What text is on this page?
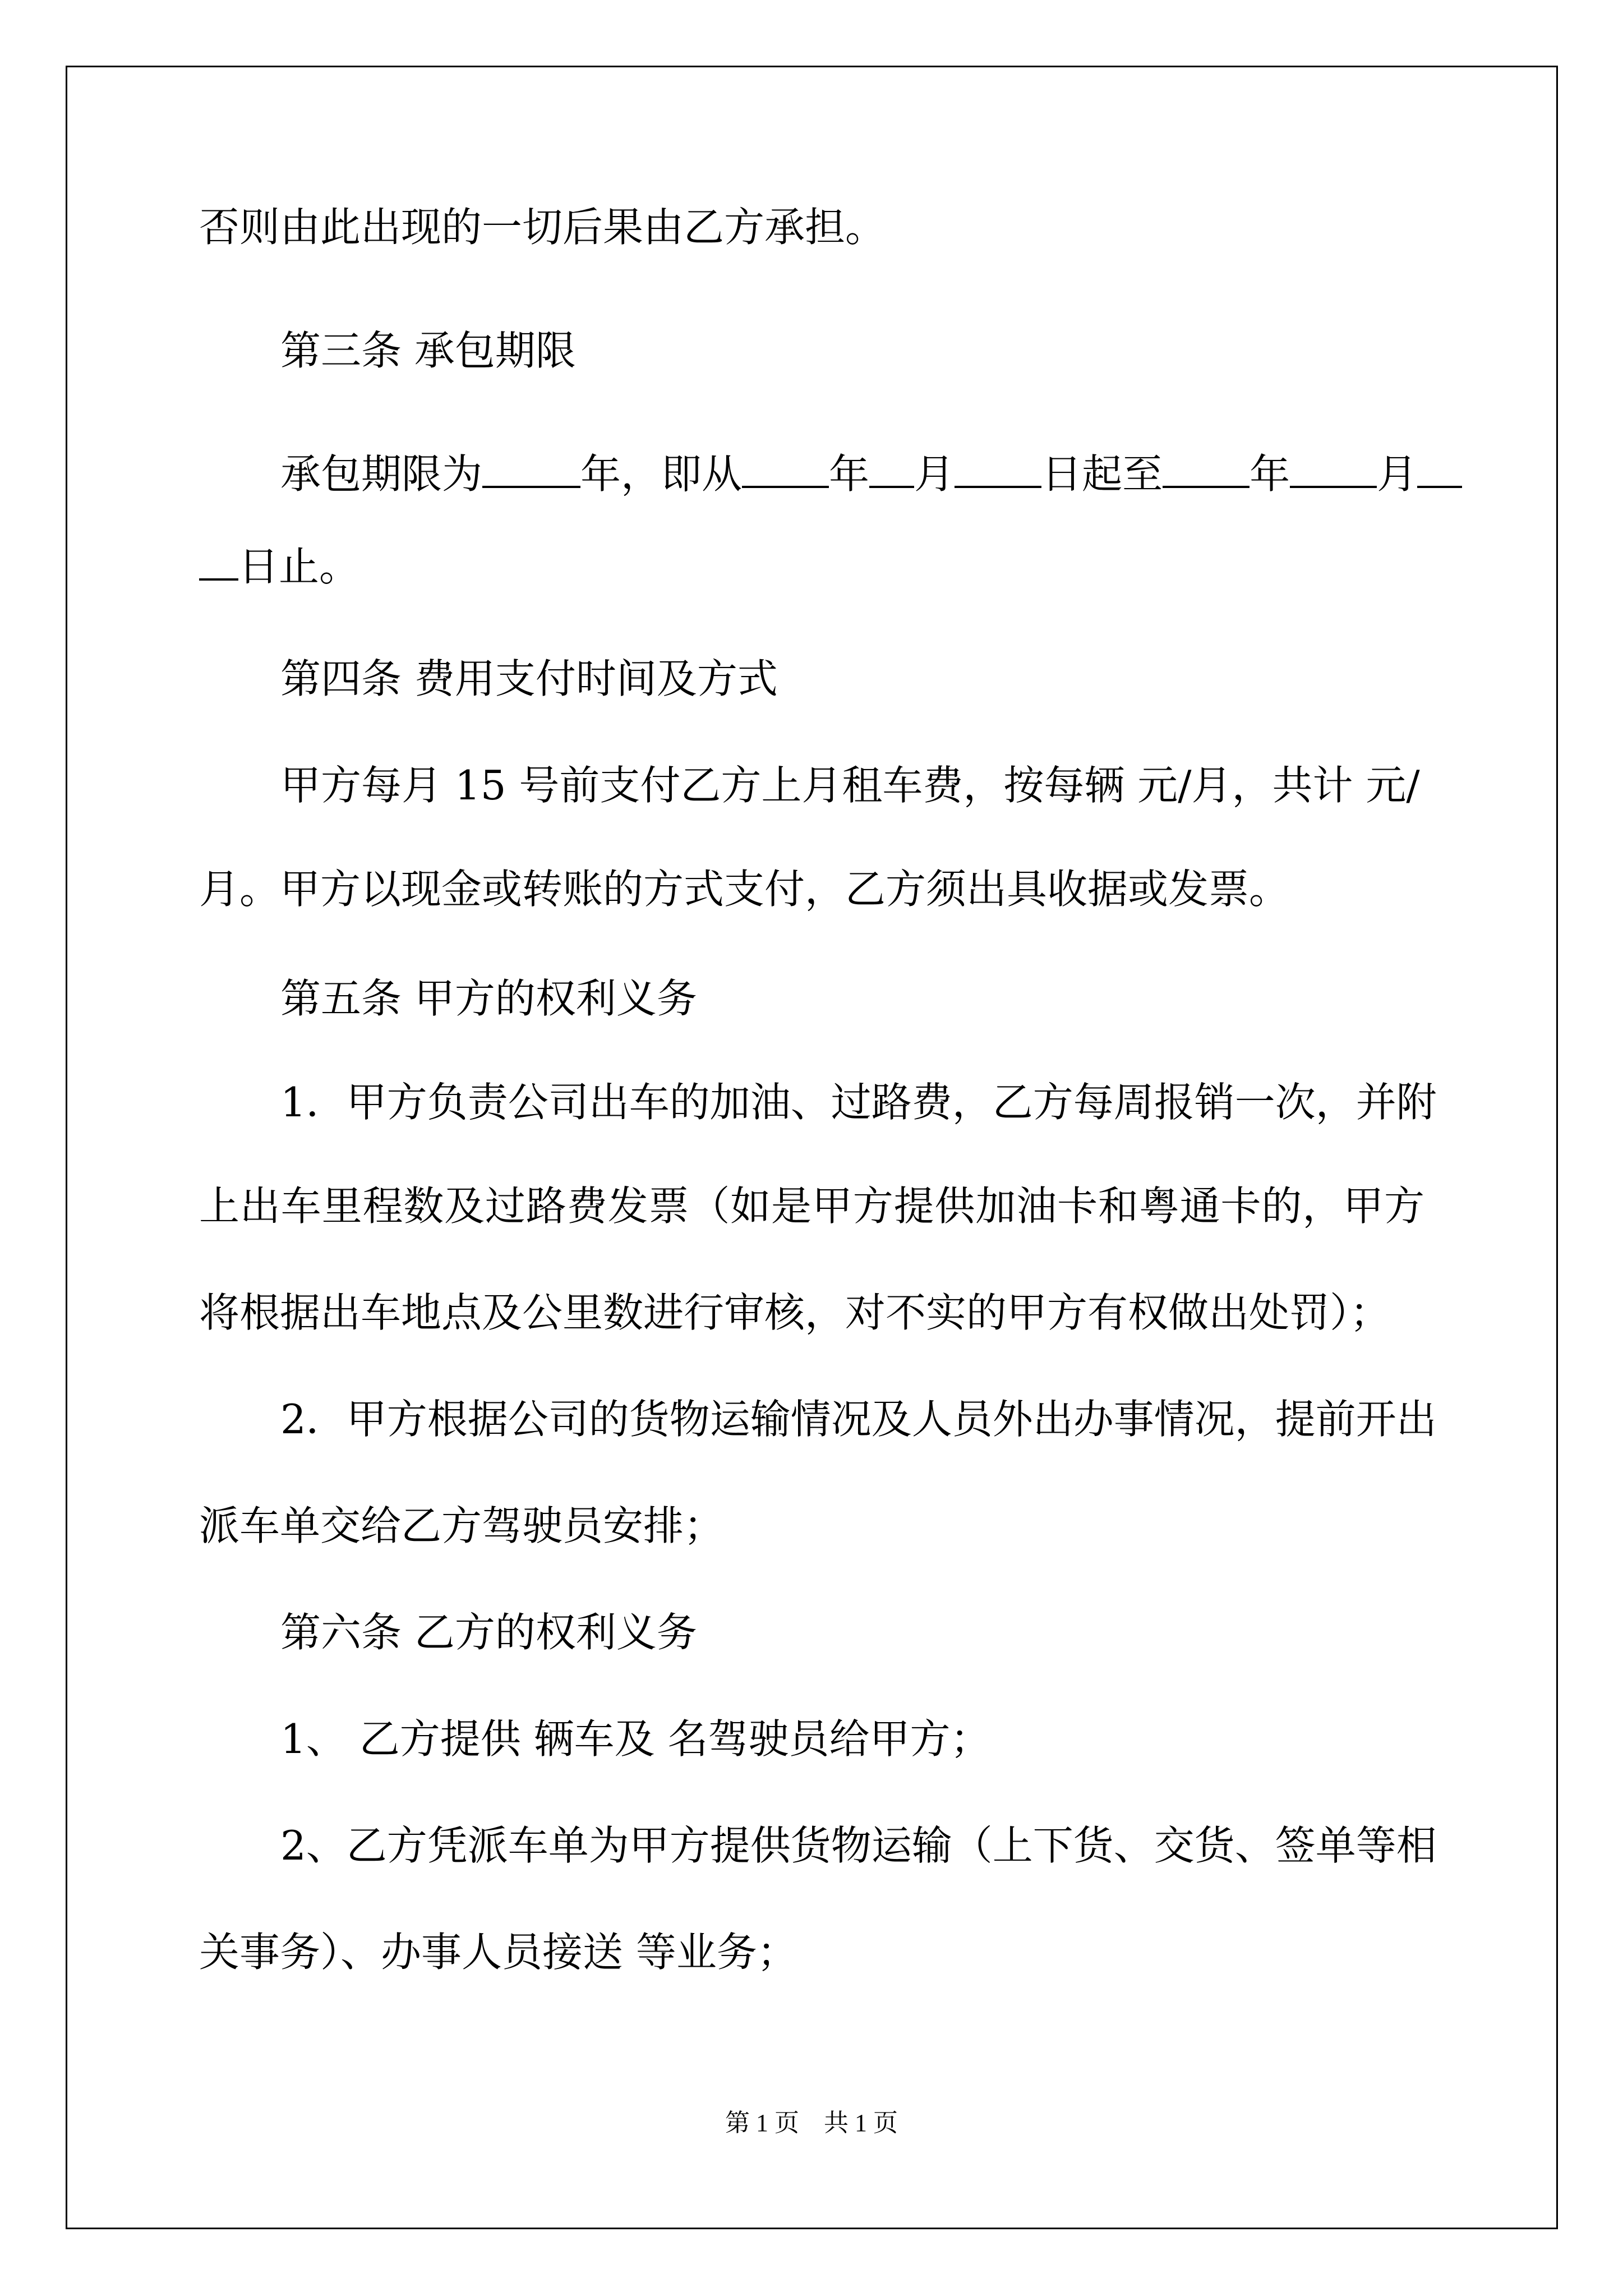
否则由此出现的一切后果由乙方承担。
第三条 承包期限
承包期限为 年，即从 年 月 日起至 年 月
日止。
第四条 费用支付时间及方式
甲方每月 15 号前支付乙方上月租车费，按每辆 元/月，共计 元/
月。甲方以现金或转账的方式支付，乙方须出具收据或发票。
第五条 甲方的权利义务
1．甲方负责公司出车的加油、过路费，乙方每周报销一次，并附
上出车里程数及过路费发票（如是甲方提供加油卡和粤通卡的，甲方
将根据出车地点及公里数进行审核，对不实的甲方有权做出处罚）；
2．甲方根据公司的货物运输情况及人员外出办事情况，提前开出
派车单交给乙方驾驶员安排；
第六条 乙方的权利义务
1、 乙方提供 辆车及 名驾驶员给甲方；
2、乙方凭派车单为甲方提供货物运输（上下货、交货、签单等相
关事务）、办事人员接送 等业务；
第 1 页　共 1 页
